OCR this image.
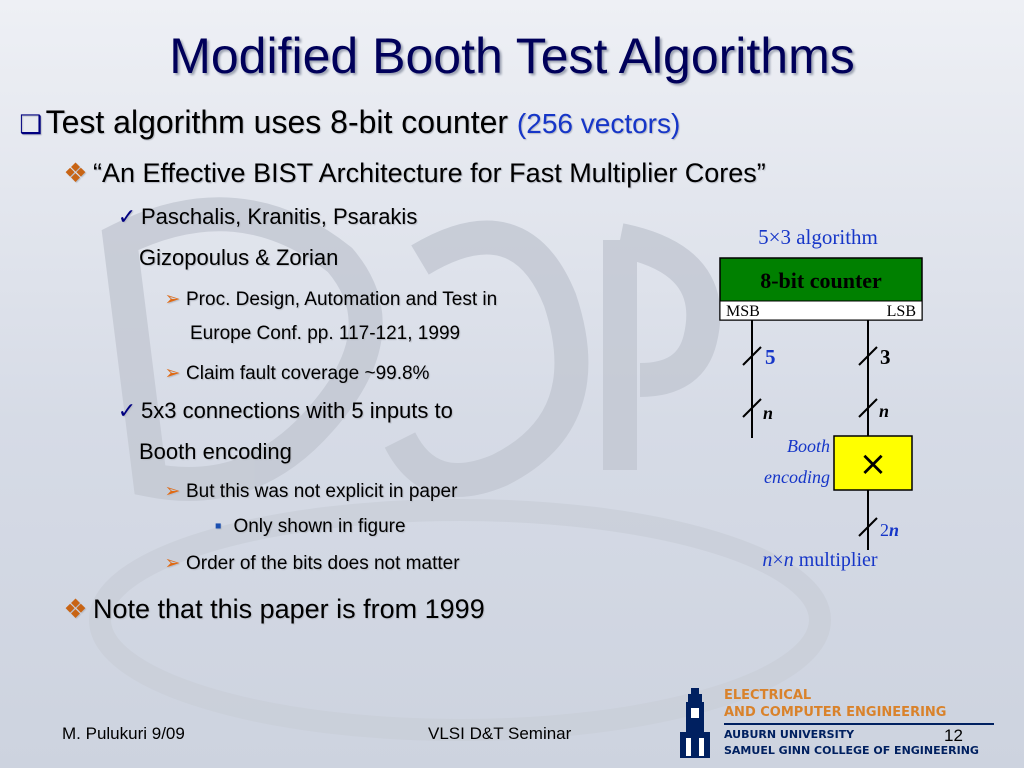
Modified Booth Test Algorithms
❑ Test algorithm uses 8-bit counter (256 vectors)
❖ “An Effective BIST Architecture for Fast Multiplier Cores”
✓ Paschalis, Kranitis, Psarakis
Gizopoulus & Zorian
➢ Proc. Design, Automation and Test in
Europe Conf. pp. 117-121, 1999
➢ Claim fault coverage ~99.8%
✓ 5x3 connections with 5 inputs to
Booth encoding
➢ But this was not explicit in paper
■ Only shown in figure
➢ Order of the bits does not matter
❖ Note that this paper is from 1999
5×3 algorithm
8-bit counter
MSB	LSB
5
n
3
n
Booth
encoding ×
2n
n×n multiplier
M. Pulukuri 9/09	VLSI D&T Seminar	12
ELECTRICAL
AND COMPUTER ENGINEERING
AUBURN UNIVERSITY
SAMUEL GINN COLLEGE OF ENGINEERING
